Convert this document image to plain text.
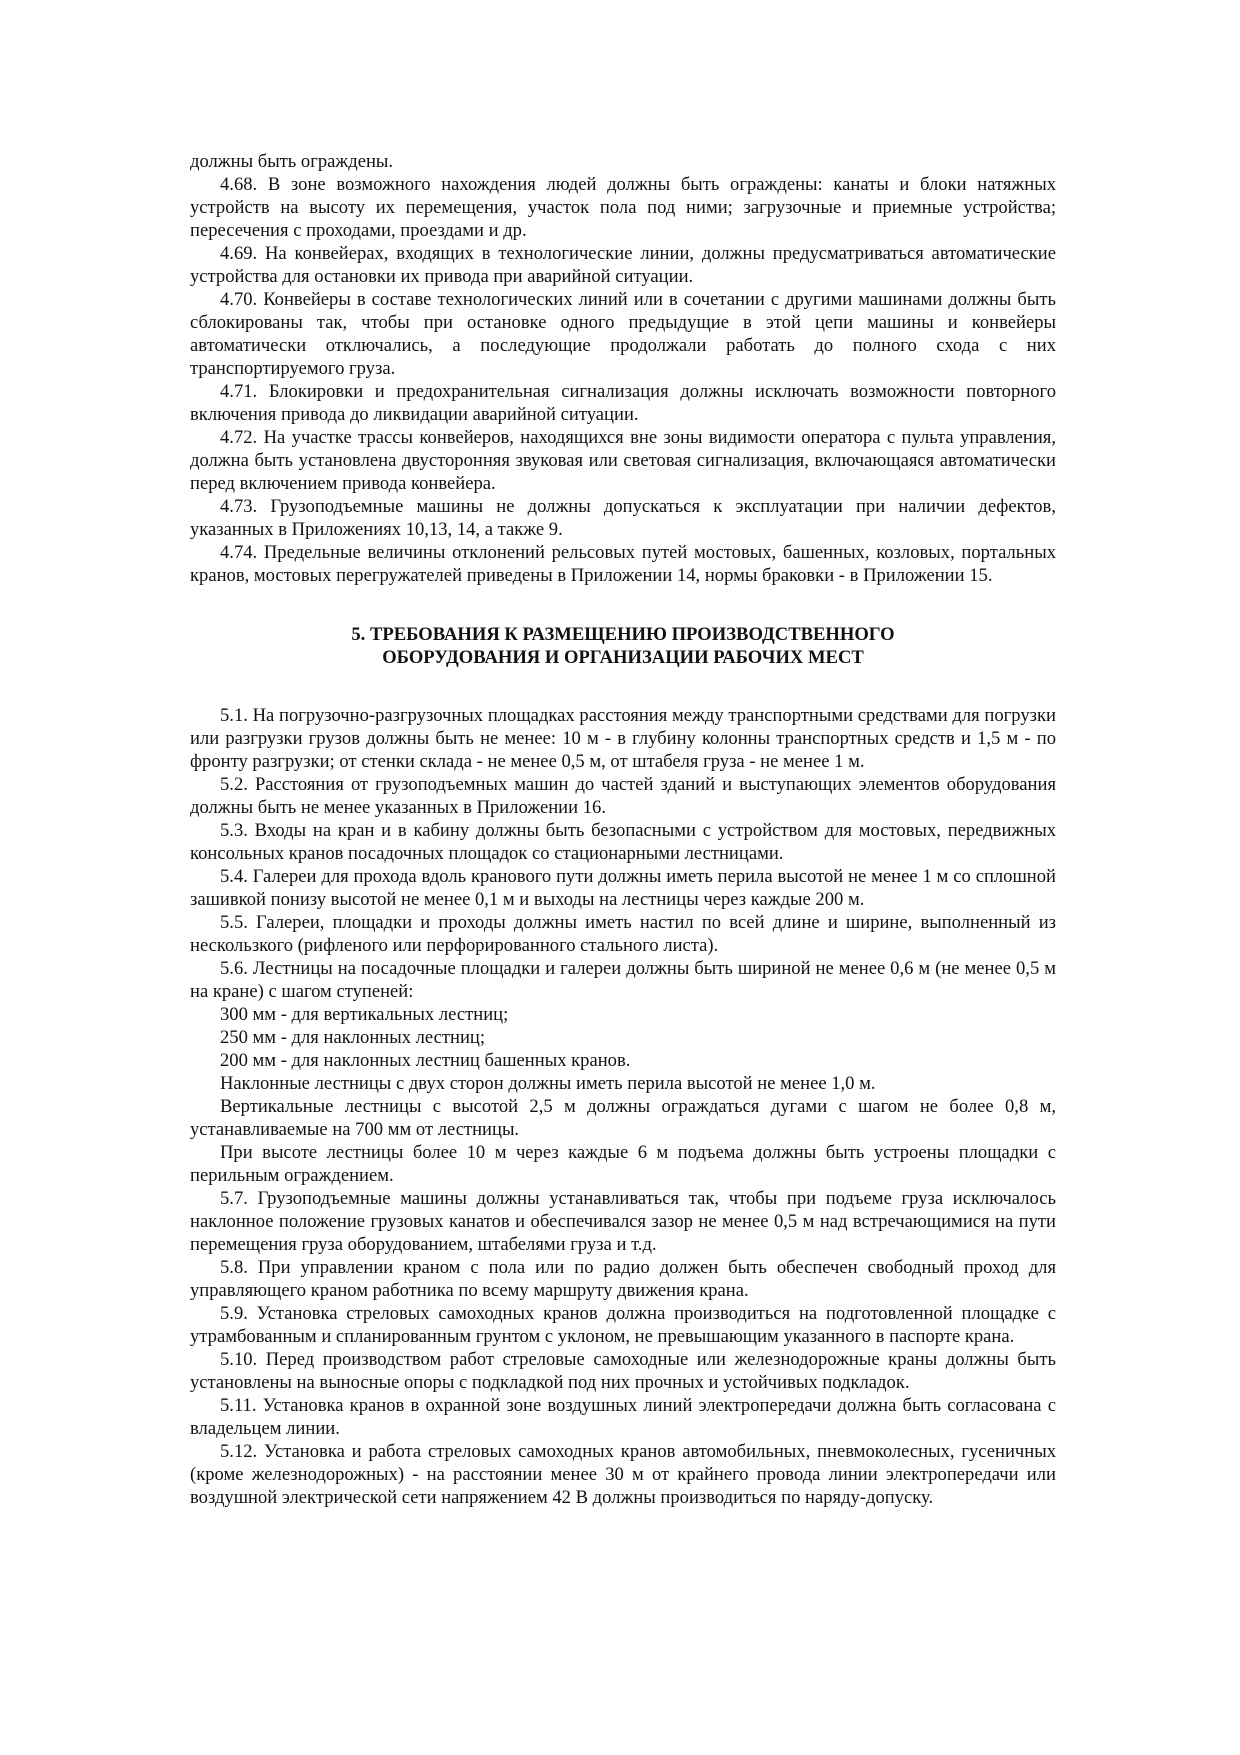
должны быть ограждены.

4.68. В зоне возможного нахождения людей должны быть ограждены: канаты и блоки натяжных устройств на высоту их перемещения, участок пола под ними; загрузочные и приемные устройства; пересечения с проходами, проездами и др.

4.69. На конвейерах, входящих в технологические линии, должны предусматриваться автоматические устройства для остановки их привода при аварийной ситуации.

4.70. Конвейеры в составе технологических линий или в сочетании с другими машинами должны быть сблокированы так, чтобы при остановке одного предыдущие в этой цепи машины и конвейеры автоматически отключались, а последующие продолжали работать до полного схода с них транспортируемого груза.

4.71. Блокировки и предохранительная сигнализация должны исключать возможности повторного включения привода до ликвидации аварийной ситуации.

4.72. На участке трассы конвейеров, находящихся вне зоны видимости оператора с пульта управления, должна быть установлена двусторонняя звуковая или световая сигнализация, включающаяся автоматически перед включением привода конвейера.

4.73. Грузоподъемные машины не должны допускаться к эксплуатации при наличии дефектов, указанных в Приложениях 10,13, 14, а также 9.

4.74. Предельные величины отклонений рельсовых путей мостовых, башенных, козловых, портальных кранов, мостовых перегружателей приведены в Приложении 14, нормы браковки - в Приложении 15.

5. ТРЕБОВАНИЯ К РАЗМЕЩЕНИЮ ПРОИЗВОДСТВЕННОГО
ОБОРУДОВАНИЯ И ОРГАНИЗАЦИИ РАБОЧИХ МЕСТ

5.1. На погрузочно-разгрузочных площадках расстояния между транспортными средствами для погрузки или разгрузки грузов должны быть не менее: 10 м - в глубину колонны транспортных средств и 1,5 м - по фронту разгрузки; от стенки склада - не менее 0,5 м, от штабеля груза - не менее 1 м.

5.2. Расстояния от грузоподъемных машин до частей зданий и выступающих элементов оборудования должны быть не менее указанных в Приложении 16.

5.3. Входы на кран и в кабину должны быть безопасными с устройством для мостовых, передвижных консольных кранов посадочных площадок со стационарными лестницами.

5.4. Галереи для прохода вдоль кранового пути должны иметь перила высотой не менее 1 м со сплошной зашивкой понизу высотой не менее 0,1 м и выходы на лестницы через каждые 200 м.

5.5. Галереи, площадки и проходы должны иметь настил по всей длине и ширине, выполненный из нескользкого (рифленого или перфорированного стального листа).

5.6. Лестницы на посадочные площадки и галереи должны быть шириной не менее 0,6 м (не менее 0,5 м на кране) с шагом ступеней:

300 мм - для вертикальных лестниц;

250 мм - для наклонных лестниц;

200 мм - для наклонных лестниц башенных кранов.

Наклонные лестницы с двух сторон должны иметь перила высотой не менее 1,0 м.

Вертикальные лестницы с высотой 2,5 м должны ограждаться дугами с шагом не более 0,8 м, устанавливаемые на 700 мм от лестницы.

При высоте лестницы более 10 м через каждые 6 м подъема должны быть устроены площадки с перильным ограждением.

5.7. Грузоподъемные машины должны устанавливаться так, чтобы при подъеме груза исключалось наклонное положение грузовых канатов и обеспечивался зазор не менее 0,5 м над встречающимися на пути перемещения груза оборудованием, штабелями груза и т.д.

5.8. При управлении краном с пола или по радио должен быть обеспечен свободный проход для управляющего краном работника по всему маршруту движения крана.

5.9. Установка стреловых самоходных кранов должна производиться на подготовленной площадке с утрамбованным и спланированным грунтом с уклоном, не превышающим указанного в паспорте крана.

5.10. Перед производством работ стреловые самоходные или железнодорожные краны должны быть установлены на выносные опоры с подкладкой под них прочных и устойчивых подкладок.

5.11. Установка кранов в охранной зоне воздушных линий электропередачи должна быть согласована с владельцем линии.

5.12. Установка и работа стреловых самоходных кранов автомобильных, пневмоколесных, гусеничных (кроме железнодорожных) - на расстоянии менее 30 м от крайнего провода линии электропередачи или воздушной электрической сети напряжением 42 В должны производиться по наряду-допуску.
